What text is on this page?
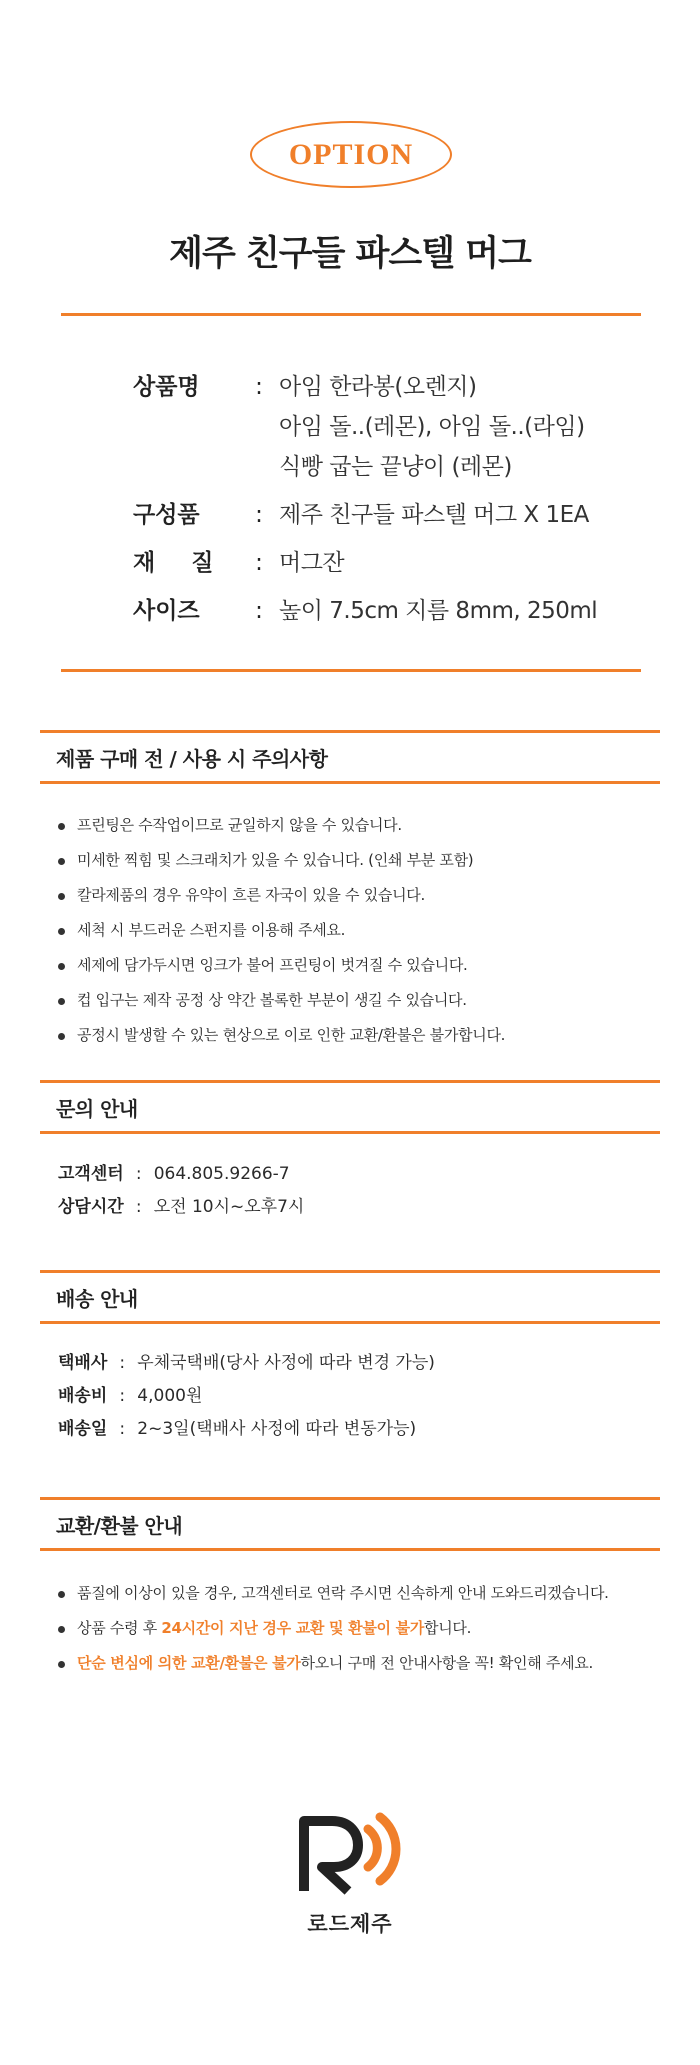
OPTION
제주 친구들 파스텔 머그
상품명	: 아임 한라봉(오렌지)
아임 돌..(레몬), 아임 돌..(라임)
식빵 굽는 끝냥이 (레몬)
구성품	: 제주 친구들 파스텔 머그 X 1EA
재질 : 머그잔
사이즈	: 높이 7.5cm 지름 8mm, 250ml
제품 구매 전 / 사용 시 주의사항
프린팅은 수작업이므로 균일하지 않을 수 있습니다.
미세한 찍힘 및 스크래치가 있을 수 있습니다. (인쇄 부분 포함)
칼라제품의 경우 유약이 흐른 자국이 있을 수 있습니다.
세척 시 부드러운 스펀지를 이용해 주세요.
세제에 담가두시면 잉크가 불어 프린팅이 벗겨질 수 있습니다.
컵 입구는 제작 공정 상 약간 볼록한 부분이 생길 수 있습니다.
공정시 발생할 수 있는 현상으로 이로 인한 교환/환불은 불가합니다.
문의 안내
고객센터 : 064.805.9266-7
상담시간 : 오전 10시~오후7시
배송 안내
택배사 : 우체국택배(당사 사정에 따라 변경 가능)
배송비 : 4,000원
배송일 : 2~3일(택배사 사정에 따라 변동가능)
교환/환불 안내
품질에 이상이 있을 경우, 고객센터로 연락 주시면 신속하게 안내 도와드리겠습니다.
상품 수령 후 24시간이 지난 경우 교환 및 환불이 불가합니다.
단순 변심에 의한 교환/환불은 불가하오니 구매 전 안내사항을 꼭! 확인해 주세요.
로드제주
